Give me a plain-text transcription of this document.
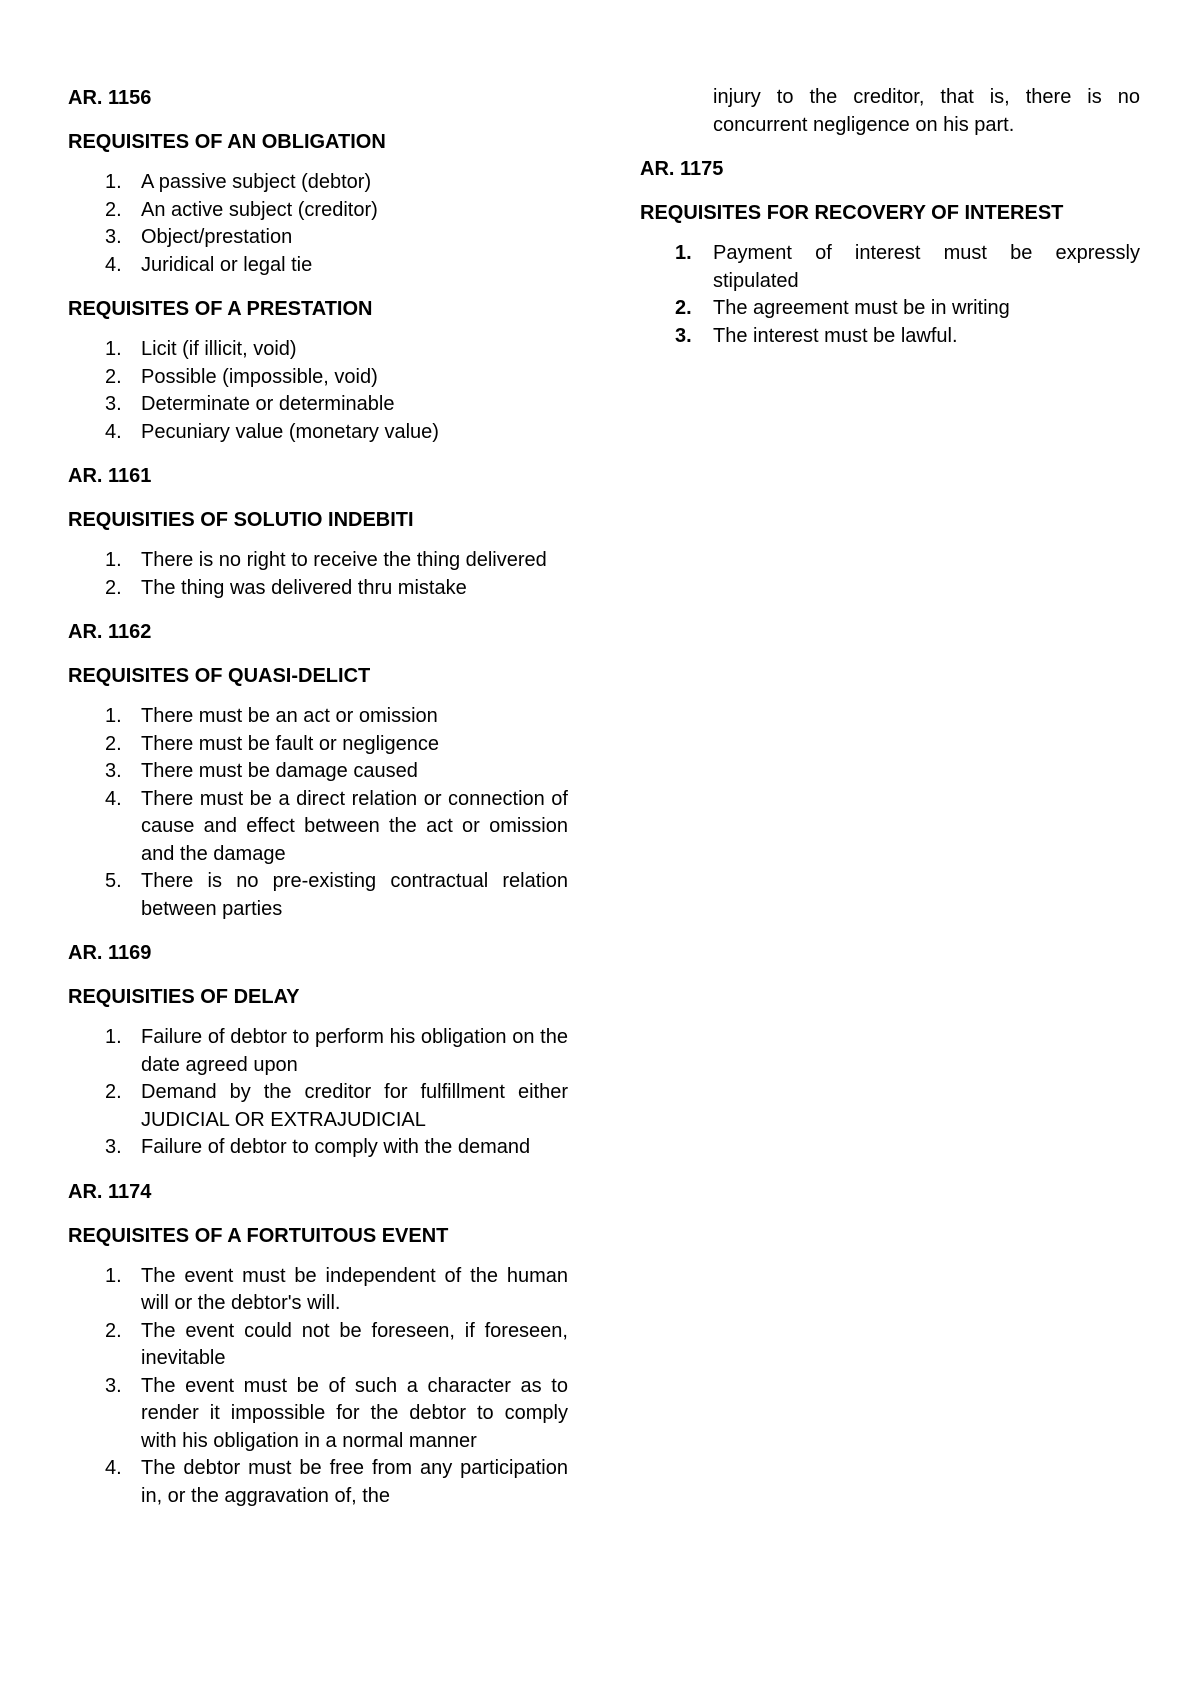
AR. 1156

REQUISITES OF AN OBLIGATION

1. A passive subject (debtor)
2. An active subject (creditor)
3. Object/prestation
4. Juridical or legal tie

REQUISITES OF A PRESTATION

1. Licit (if illicit, void)
2. Possible (impossible, void)
3. Determinate or determinable
4. Pecuniary value (monetary value)

AR. 1161

REQUISITIES OF SOLUTIO INDEBITI

1. There is no right to receive the thing delivered
2. The thing was delivered thru mistake

AR. 1162

REQUISITES OF QUASI-DELICT

1. There must be an act or omission
2. There must be fault or negligence
3. There must be damage caused
4. There must be a direct relation or connection of cause and effect between the act or omission and the damage
5. There is no pre-existing contractual relation between parties

AR. 1169

REQUISITIES OF DELAY

1. Failure of debtor to perform his obligation on the date agreed upon
2. Demand by the creditor for fulfillment either JUDICIAL OR EXTRAJUDICIAL
3. Failure of debtor to comply with the demand

AR. 1174

REQUISITES OF A FORTUITOUS EVENT

1. The event must be independent of the human will or the debtor's will.
2. The event could not be foreseen, if foreseen, inevitable
3. The event must be of such a character as to render it impossible for the debtor to comply with his obligation in a normal manner
4. The debtor must be free from any participation in, or the aggravation of, the
injury to the creditor, that is, there is no concurrent negligence on his part.

AR. 1175

REQUISITES FOR RECOVERY OF INTEREST

1. Payment of interest must be expressly stipulated
2. The agreement must be in writing
3. The interest must be lawful.
